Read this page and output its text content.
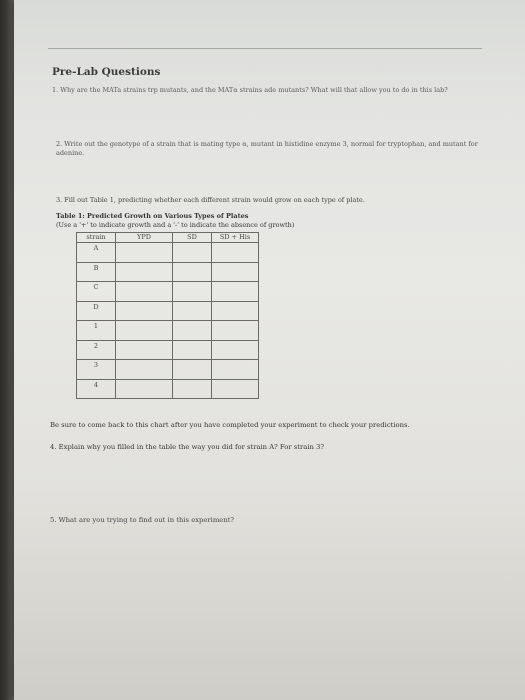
Pre-Lab Questions
1. Why are the MATa strains trp mutants, and the MATα strains ade mutants? What will that allow you to do in this lab?
2. Write out the genotype of a strain that is mating type α, mutant in histidine enzyme 3, normal for tryptophan, and mutant for adenine.
3. Fill out Table 1, predicting whether each different strain would grow on each type of plate.
Table 1: Predicted Growth on Various Types of Plates
(Use a '+' to indicate growth and a '-' to indicate the absence of growth)
strain	YPD	SD	SD + His
A			
B			
C			
D			
1			
2			
3			
4			
Be sure to come back to this chart after you have completed your experiment to check your predictions.
4. Explain why you filled in the table the way you did for strain A? For strain 3?
5. What are you trying to find out in this experiment?
